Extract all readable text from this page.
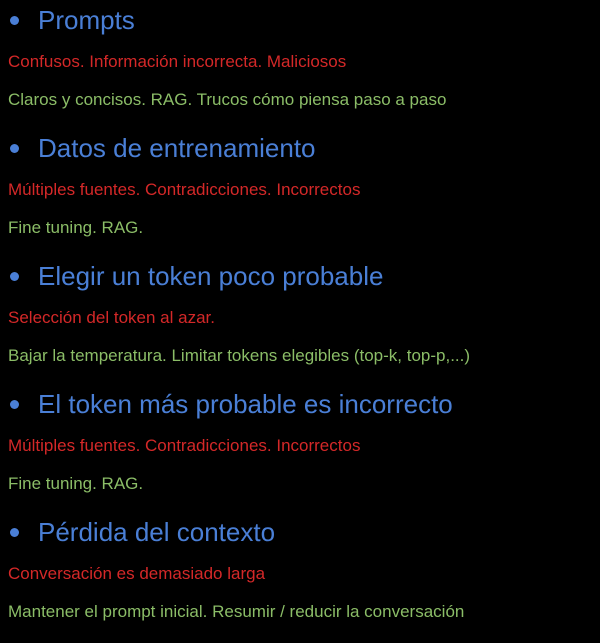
Prompts
Confusos. Información incorrecta. Maliciosos
Claros y concisos. RAG. Trucos cómo piensa paso a paso
Datos de entrenamiento
Múltiples fuentes. Contradicciones. Incorrectos
Fine tuning. RAG.
Elegir un token poco probable
Selección del token al azar.
Bajar la temperatura. Limitar tokens elegibles (top-k, top-p,...)
El token más probable es incorrecto
Múltiples fuentes. Contradicciones. Incorrectos
Fine tuning. RAG.
Pérdida del contexto
Conversación es demasiado larga
Mantener el prompt inicial. Resumir / reducir la conversación
